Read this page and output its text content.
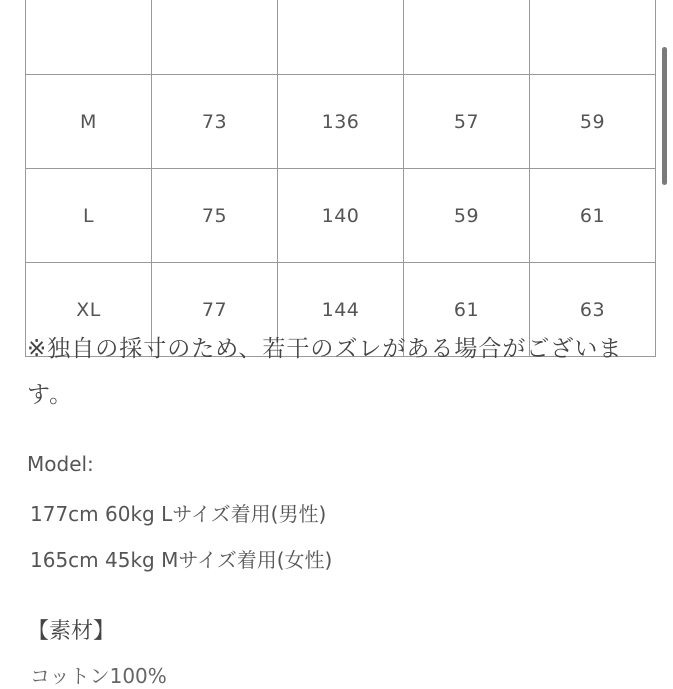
M	73	136	57	59
L	75	140	59	61
XL	77	144	61	63
※独自の採寸のため、若干のズレがある場合がございます。
Model:
177cm 60kg Lサイズ着用(男性)
165cm 45kg Mサイズ着用(女性)
【素材】
コットン100%
